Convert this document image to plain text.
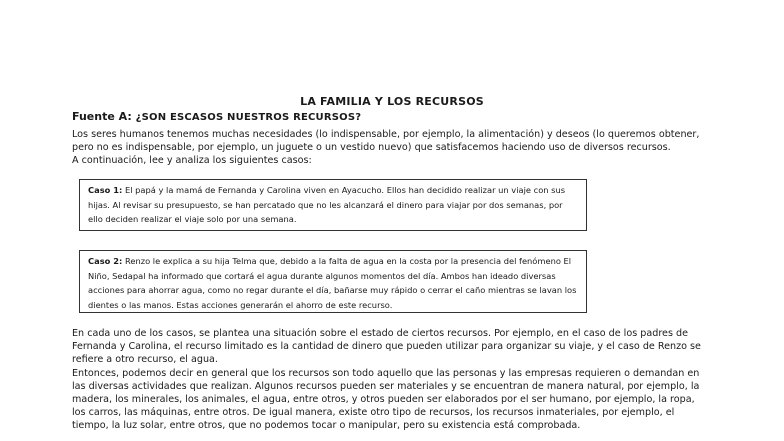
LA FAMILIA Y LOS RECURSOS
Fuente A: ¿SON ESCASOS NUESTROS RECURSOS?
Los seres humanos tenemos muchas necesidades (lo indispensable, por ejemplo, la alimentación) y deseos (lo queremos obtener,
pero no es indispensable, por ejemplo, un juguete o un vestido nuevo) que satisfacemos haciendo uso de diversos recursos.
A continuación, lee y analiza los siguientes casos:
Caso 1: El papá y la mamá de Fernanda y Carolina viven en Ayacucho. Ellos han decidido realizar un viaje con sus
hijas. Al revisar su presupuesto, se han percatado que no les alcanzará el dinero para viajar por dos semanas, por
ello deciden realizar el viaje solo por una semana.
Caso 2: Renzo le explica a su hija Telma que, debido a la falta de agua en la costa por la presencia del fenómeno El
Niño, Sedapal ha informado que cortará el agua durante algunos momentos del día. Ambos han ideado diversas
acciones para ahorrar agua, como no regar durante el día, bañarse muy rápido o cerrar el caño mientras se lavan los
dientes o las manos. Estas acciones generarán el ahorro de este recurso.
En cada uno de los casos, se plantea una situación sobre el estado de ciertos recursos. Por ejemplo, en el caso de los padres de
Fernanda y Carolina, el recurso limitado es la cantidad de dinero que pueden utilizar para organizar su viaje, y el caso de Renzo se
refiere a otro recurso, el agua.
Entonces, podemos decir en general que los recursos son todo aquello que las personas y las empresas requieren o demandan en
las diversas actividades que realizan. Algunos recursos pueden ser materiales y se encuentran de manera natural, por ejemplo, la
madera, los minerales, los animales, el agua, entre otros, y otros pueden ser elaborados por el ser humano, por ejemplo, la ropa,
los carros, las máquinas, entre otros. De igual manera, existe otro tipo de recursos, los recursos inmateriales, por ejemplo, el
tiempo, la luz solar, entre otros, que no podemos tocar o manipular, pero su existencia está comprobada.
